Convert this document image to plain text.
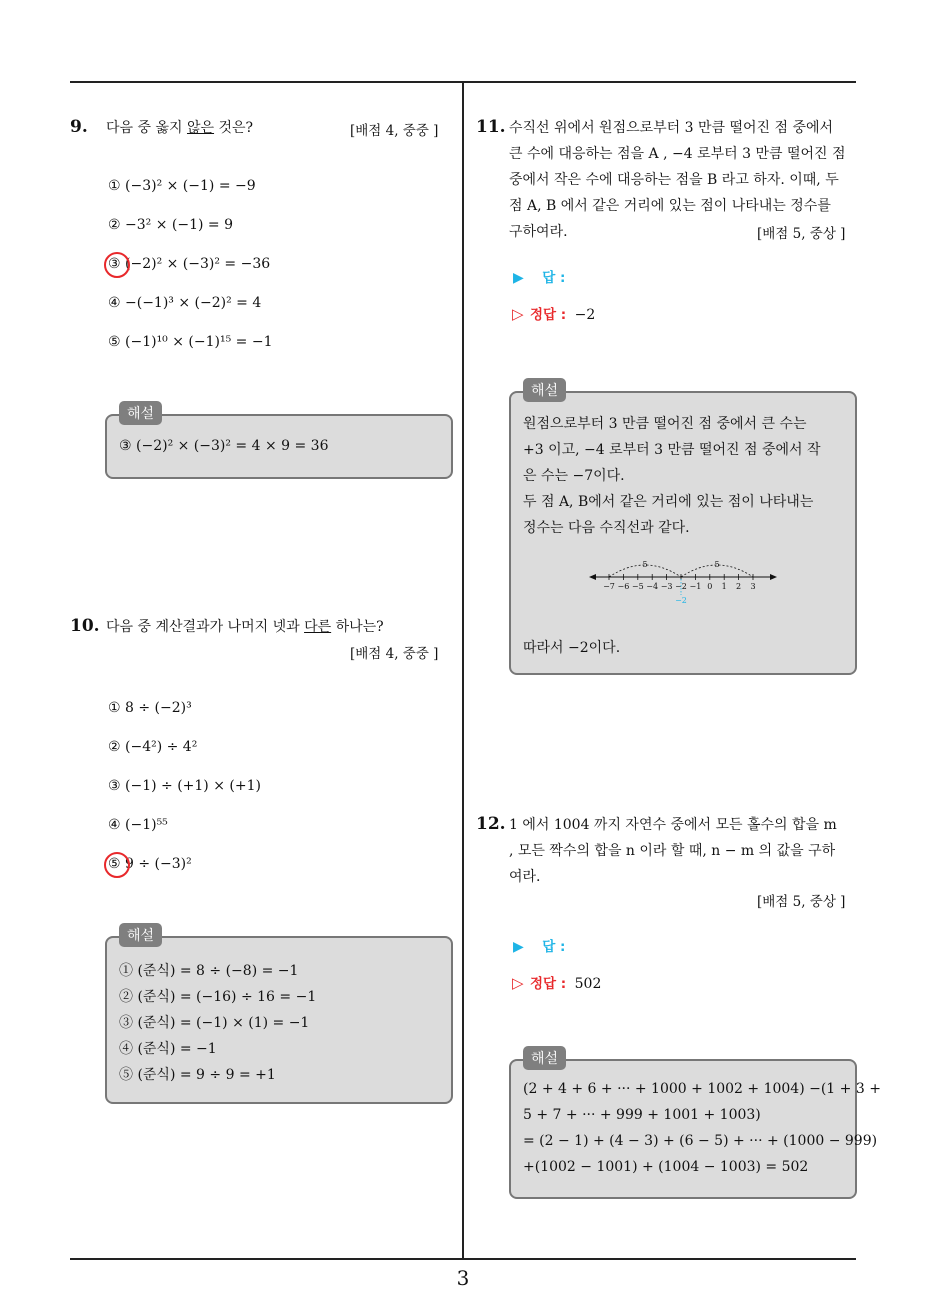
9. 다음 중 옳지 않은 것은?	[배점 4, 중중 ]
① (−3)² × (−1) = −9
② −3² × (−1) = 9
③ (−2)² × (−3)² = −36
④ −(−1)³ × (−2)² = 4
⑤ (−1)¹⁰ × (−1)¹⁵ = −1
③ (−2)² × (−3)² = 4 × 9 = 36
해설
10. 다음 중 계산결과가 나머지 넷과 다른 하나는?
[배점 4, 중중 ]
① 8 ÷ (−2)³
② (−4²) ÷ 4²
③ (−1) ÷ (+1) × (+1)
④ (−1)⁵⁵
⑤ 9 ÷ (−3)²
① (준식) = 8 ÷ (−8) = −1
② (준식) = (−16) ÷ 16 = −1
③ (준식) = (−1) × (1) = −1
④ (준식) = −1
⑤ (준식) = 9 ÷ 9 = +1
해설
11. 수직선 위에서 원점으로부터 3 만큼 떨어진 점 중에서
큰 수에 대응하는 점을 A , −4 로부터 3 만큼 떨어진 점
중에서 작은 수에 대응하는 점을 B 라고 하자. 이때, 두
점 A, B 에서 같은 거리에 있는 점이 나타내는 정수를
구하여라.	[배점 5, 중상 ]
▶ 답 :
▷ 정답 : −2
원점으로부터 3 만큼 떨어진 점 중에서 큰 수는
+3 이고, −4 로부터 3 만큼 떨어진 점 중에서 작
은 수는 −7이다.
두 점 A, B에서 같은 거리에 있는 점이 나타내는
정수는 다음 수직선과 같다.
−7 −6 −5 −4 −3 −2 −1 0 1 2 3
5	5
−2
따라서 −2이다.
해설
12. 1 에서 1004 까지 자연수 중에서 모든 홀수의 합을 m
, 모든 짝수의 합을 n 이라 할 때, n − m 의 값을 구하
여라.
[배점 5, 중상 ]
▶ 답 :
▷ 정답 : 502
(2 + 4 + 6 + ··· + 1000 + 1002 + 1004) −(1 + 3 +
5 + 7 + ··· + 999 + 1001 + 1003)
= (2 − 1) + (4 − 3) + (6 − 5) + ··· + (1000 − 999)
+(1002 − 1001) + (1004 − 1003) = 502
해설
3
